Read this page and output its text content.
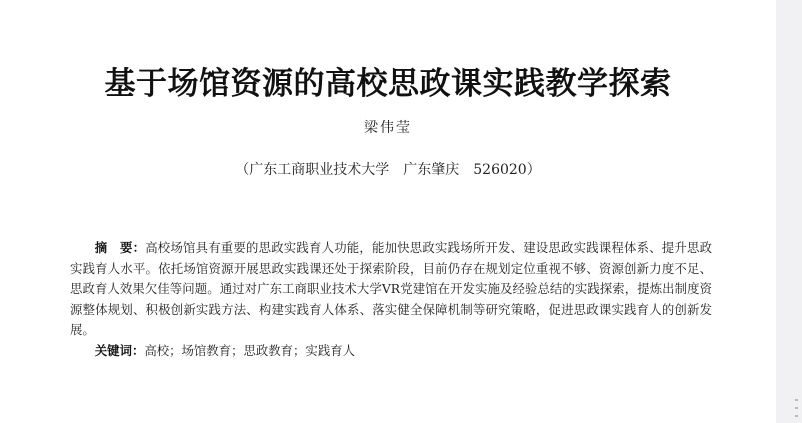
基于场馆资源的高校思政课实践教学探索
梁伟莹
（广东工商职业技术大学　广东肇庆　526020）

摘　要：高校场馆具有重要的思政实践育人功能，能加快思政实践场所开发、建设思政实践课程体系、提升思政实践育人水平。依托场馆资源开展思政实践课还处于探索阶段，目前仍存在规划定位重视不够、资源创新力度不足、思政育人效果欠佳等问题。通过对广东工商职业技术大学VR党建馆在开发实施及经验总结的实践探索，提炼出制度资源整体规划、积极创新实践方法、构建实践育人体系、落实健全保障机制等研究策略，促进思政课实践育人的创新发展。

关键词：高校；场馆教育；思政教育；实践育人
